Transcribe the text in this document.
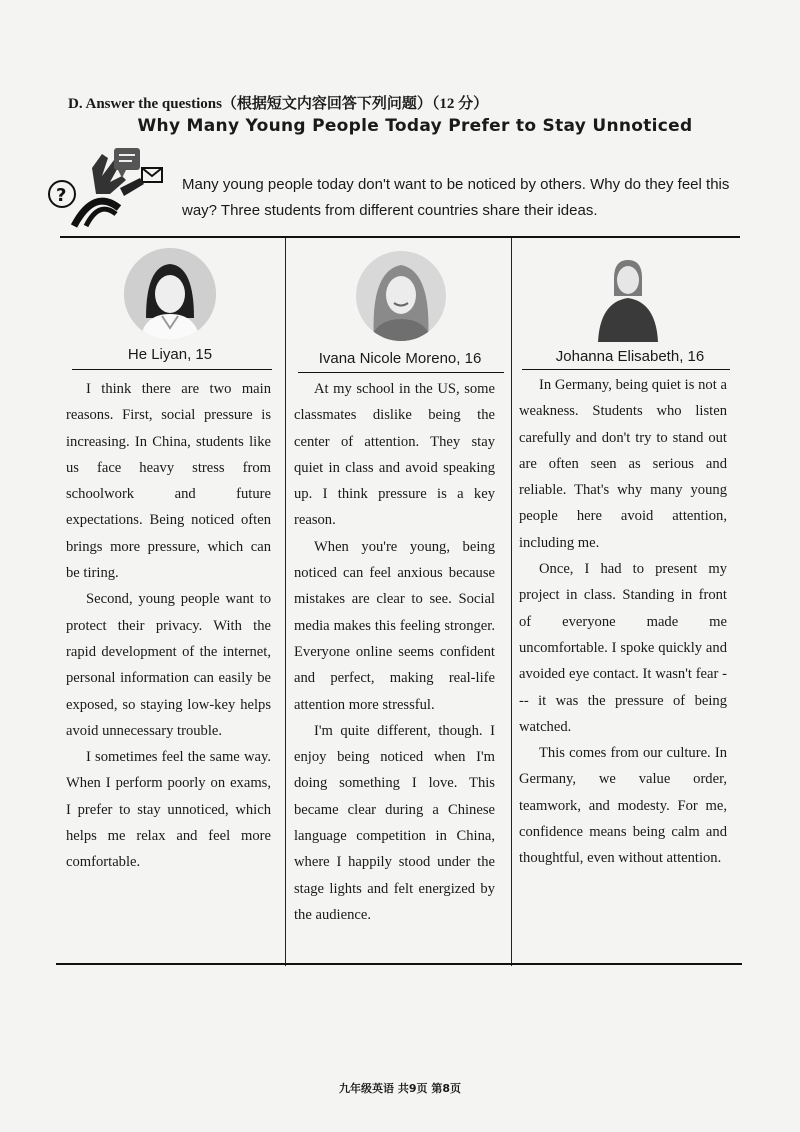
D. Answer the questions（根据短文内容回答下列问题）（12 分）
Why Many Young People Today Prefer to Stay Unnoticed
?
Many young people today don't want to be noticed by others. Why do they feel this way? Three students from different countries share their ideas.
He Liyan, 15	Ivana Nicole Moreno, 16	Johanna Elisabeth, 16

I think there are two main reasons. First, social pressure is increasing. In China, students like us face heavy stress from schoolwork and future expectations. Being noticed often brings more pressure, which can be tiring.

Second, young people want to protect their privacy. With the rapid development of the internet, personal information can easily be exposed, so staying low-key helps avoid unnecessary trouble.

I sometimes feel the same way. When I perform poorly on exams, I prefer to stay unnoticed, which helps me relax and feel more comfortable.

At my school in the US, some classmates dislike being the center of attention. They stay quiet in class and avoid speaking up. I think pressure is a key reason.

When you're young, being noticed can feel anxious because mistakes are clear to see. Social media makes this feeling stronger. Everyone online seems confident and perfect, making real-life attention more stressful.

I'm quite different, though. I enjoy being noticed when I'm doing something I love. This became clear during a Chinese language competition in China, where I happily stood under the stage lights and felt energized by the audience.

In Germany, being quiet is not a weakness. Students who listen carefully and don't try to stand out are often seen as serious and reliable. That's why many young people here avoid attention, including me.

Once, I had to present my project in class. Standing in front of everyone made me uncomfortable. I spoke quickly and avoided eye contact. It wasn't fear --- it was the pressure of being watched.

This comes from our culture. In Germany, we value order, teamwork, and modesty. For me, confidence means being calm and thoughtful, even without attention.

九年级英语 共9页 第8页
